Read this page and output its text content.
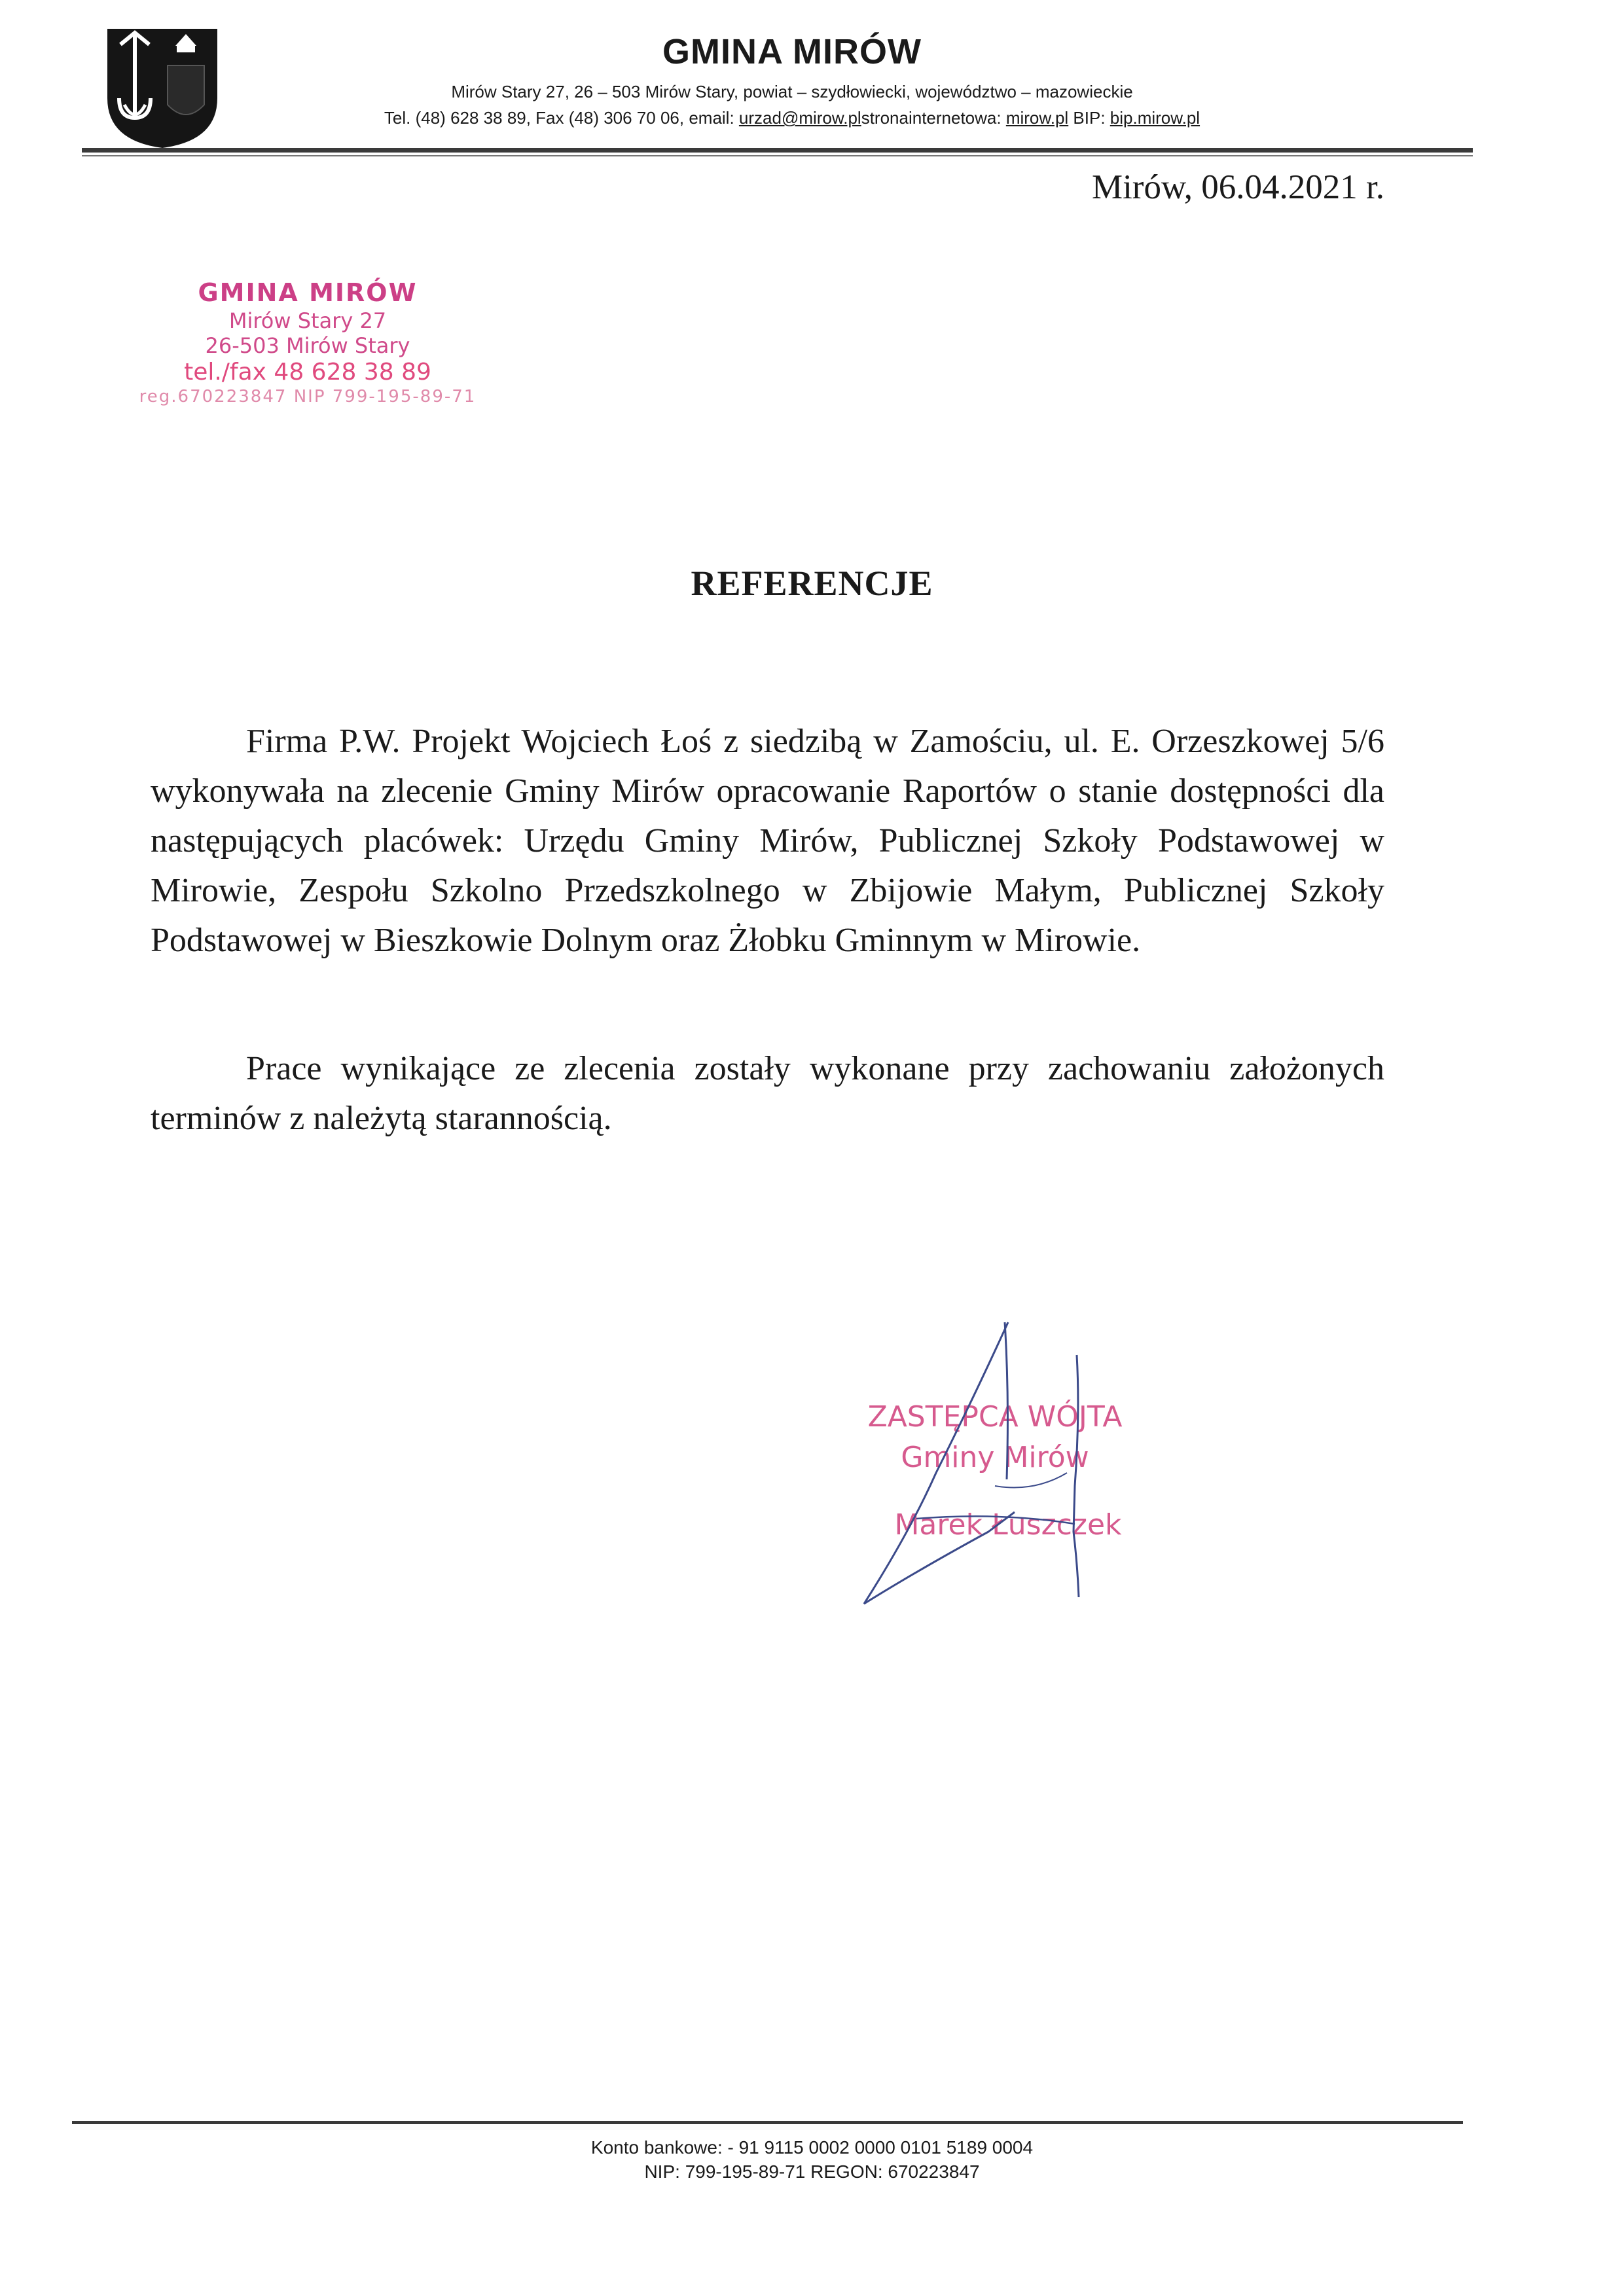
GMINA MIRÓW
Mirów Stary 27, 26 – 503 Mirów Stary, powiat – szydłowiecki, województwo – mazowieckie
Tel. (48) 628 38 89, Fax (48) 306 70 06, email: urzad@mirow.plstronainternetowa: mirow.pl BIP: bip.mirow.pl
Mirów, 06.04.2021 r.
GMINA MIRÓW
Mirów Stary 27
26-503 Mirów Stary
tel./fax 48 628 38 89
reg.670223847 NIP 799-195-89-71
REFERENCJE
Firma P.W. Projekt Wojciech Łoś z siedzibą w Zamościu, ul. E. Orzeszkowej 5/6 wykonywała na zlecenie Gminy Mirów opracowanie Raportów o stanie dostępności dla następujących placówek: Urzędu Gminy Mirów, Publicznej Szkoły Podstawowej w Mirowie, Zespołu Szkolno Przedszkolnego w Zbijowie Małym, Publicznej Szkoły Podstawowej w Bieszkowie Dolnym oraz Żłobku Gminnym w Mirowie.
Prace wynikające ze zlecenia zostały wykonane przy zachowaniu założonych terminów z należytą starannością.
ZASTĘPCA WÓJTA
Gminy Mirów
Marek Łuszczek
Konto bankowe: - 91 9115 0002 0000 0101 5189 0004
NIP: 799-195-89-71 REGON: 670223847
